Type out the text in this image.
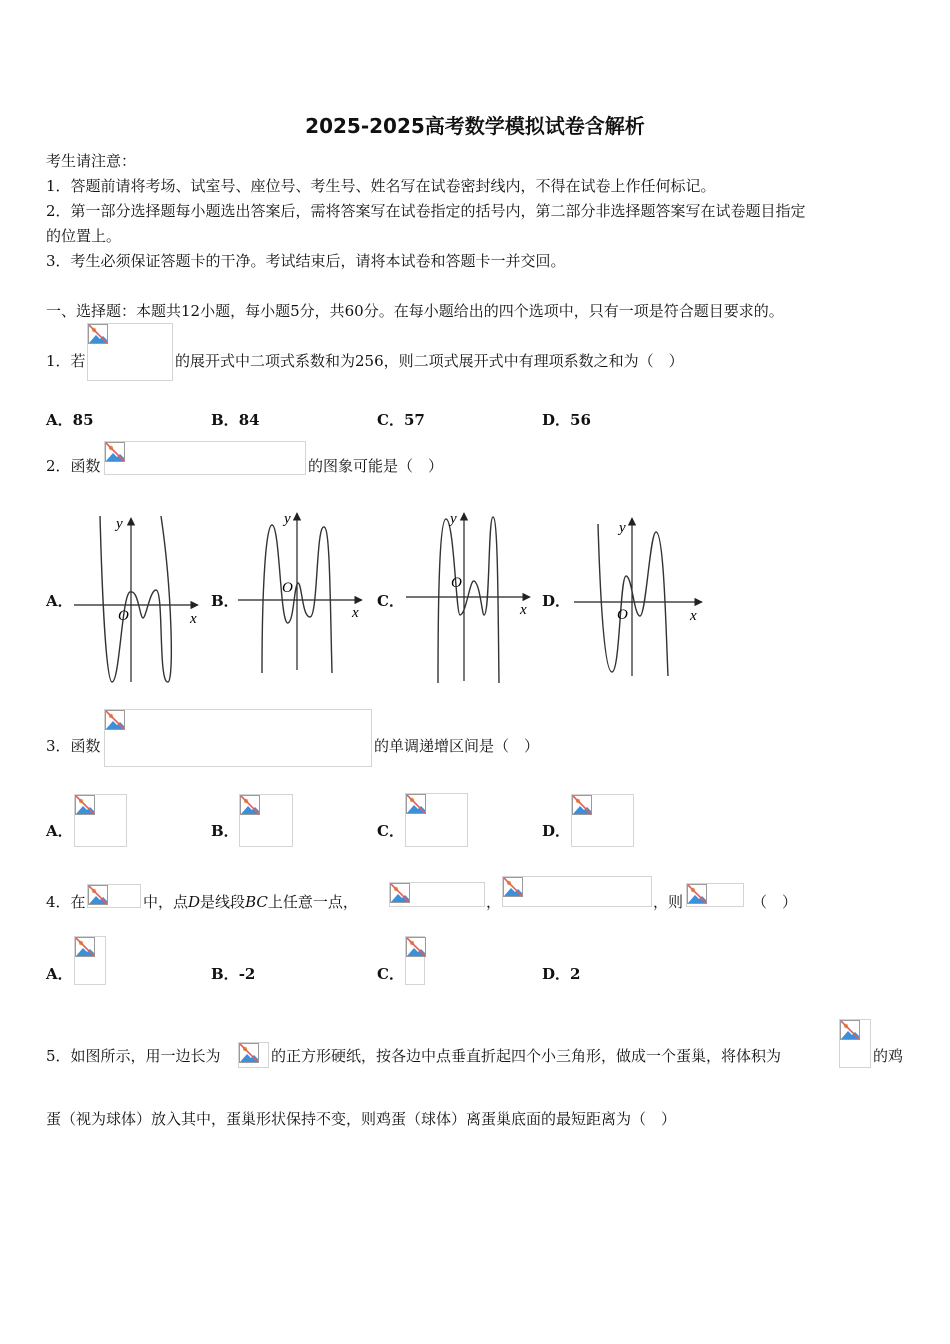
2025-2025高考数学模拟试卷含解析
考生请注意：
1．答题前请将考场、试室号、座位号、考生号、姓名写在试卷密封线内，不得在试卷上作任何标记。
2．第一部分选择题每小题选出答案后，需将答案写在试卷指定的括号内，第二部分非选择题答案写在试卷题目指定
的位置上。
3．考生必须保证答题卡的干净。考试结束后，请将本试卷和答题卡一并交回。
一、选择题：本题共12小题，每小题5分，共60分。在每小题给出的四个选项中，只有一项是符合题目要求的。
1．若	的展开式中二项式系数和为256，则二项式展开式中有理项系数之和为（　）
A．85	B．84	C．57	D．56
2．函数	的图象可能是（　）
A．	B．	C．	D．
y
x
O
y
x
O
y
x
O
y
x
O
3．函数	的单调递增区间是（　）
A．	B．	C．	D．
4．在	中，点D是线段BC上任意一点，	，	，则	（　）
A．	B．-2	C．	D．2
5．如图所示，用一边长为	的正方形硬纸，按各边中点垂直折起四个小三角形，做成一个蛋巢，将体积为	的鸡
蛋（视为球体）放入其中，蛋巢形状保持不变，则鸡蛋（球体）离蛋巢底面的最短距离为（　）
